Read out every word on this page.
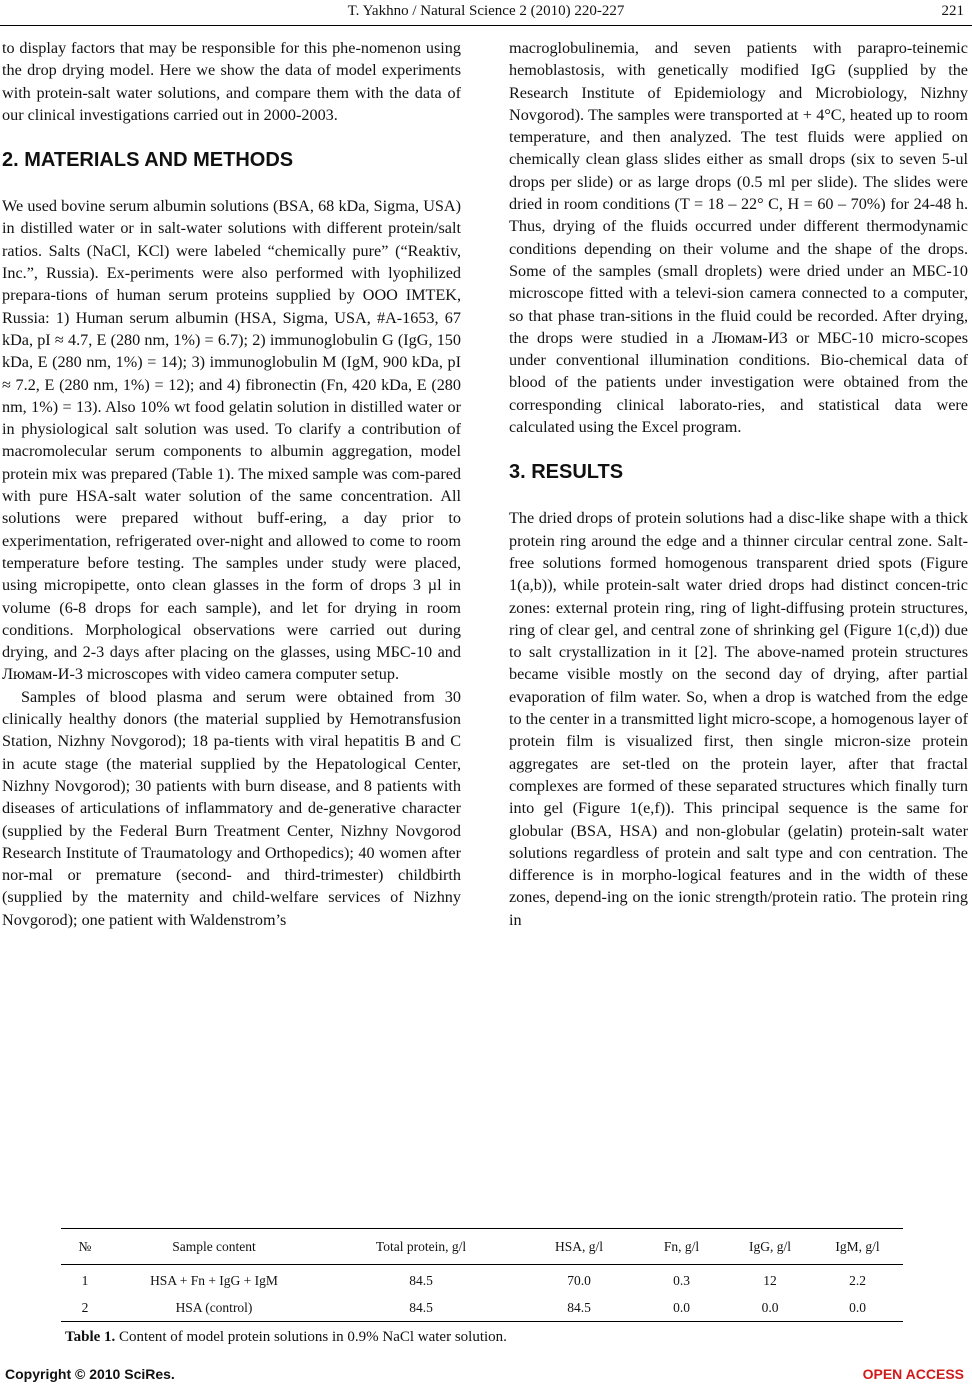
T. Yakhno / Natural Science 2 (2010) 220-227	221

to display factors that may be responsible for this phe-nomenon using the drop drying model. Here we show the data of model experiments with protein-salt water solutions, and compare them with the data of our clinical investigations carried out in 2000-2003.

2. MATERIALS AND METHODS

We used bovine serum albumin solutions (BSA, 68 kDa, Sigma, USA) in distilled water or in salt-water solutions with different protein/salt ratios. Salts (NaCl, KCl) were labeled “chemically pure” (“Reaktiv, Inc.”, Russia). Ex-periments were also performed with lyophilized prepara-tions of human serum proteins supplied by OOO IMTEK, Russia: 1) Human serum albumin (HSA, Sigma, USA, #A-1653, 67 kDa, pI ≈ 4.7, E (280 nm, 1%) = 6.7); 2) immunoglobulin G (IgG, 150 kDa, E (280 nm, 1%) = 14); 3) immunoglobulin M (IgM, 900 kDa, pI ≈ 7.2, E (280 nm, 1%) = 12); and 4) fibronectin (Fn, 420 kDa, E (280 nm, 1%) = 13). Also 10% wt food gelatin solution in distilled water or in physiological salt solution was used. To clarify a contribution of macromolecular serum components to albumin aggregation, model protein mix was prepared (Table 1). The mixed sample was com-pared with pure HSA-salt water solution of the same concentration. All solutions were prepared without buff-ering, a day prior to experimentation, refrigerated over-night and allowed to come to room temperature before testing. The samples under study were placed, using micropipette, onto clean glasses in the form of drops 3 µl in volume (6-8 drops for each sample), and let for drying in room conditions. Morphological observations were carried out during drying, and 2-3 days after placing on the glasses, using МБС-10 and Люмам-И-3 microscopes with video camera computer setup.

Samples of blood plasma and serum were obtained from 30 clinically healthy donors (the material supplied by Hemotransfusion Station, Nizhny Novgorod); 18 pa-tients with viral hepatitis B and C in acute stage (the material supplied by the Hepatological Center, Nizhny Novgorod); 30 patients with burn disease, and 8 patients with diseases of articulations of inflammatory and de-generative character (supplied by the Federal Burn Treatment Center, Nizhny Novgorod Research Institute of Traumatology and Orthopedics); 40 women after nor-mal or premature (second- and third-trimester) childbirth (supplied by the maternity and child-welfare services of Nizhny Novgorod); one patient with Waldenstrom’s

macroglobulinemia, and seven patients with parapro-teinemic hemoblastosis, with genetically modified IgG (supplied by the Research Institute of Epidemiology and Microbiology, Nizhny Novgorod). The samples were transported at + 4°C, heated up to room temperature, and then analyzed. The test fluids were applied on chemically clean glass slides either as small drops (six to seven 5-ul drops per slide) or as large drops (0.5 ml per slide). The slides were dried in room conditions (T = 18 – 22° C, H = 60 – 70%) for 24-48 h. Thus, drying of the fluids occurred under different thermodynamic conditions depending on their volume and the shape of the drops. Some of the samples (small droplets) were dried under an МБС-10 microscope fitted with a televi-sion camera connected to a computer, so that phase tran-sitions in the fluid could be recorded. After drying, the drops were studied in a Люмам-И3 or МБС-10 micro-scopes under conventional illumination conditions. Bio-chemical data of blood of the patients under investigation were obtained from the corresponding clinical laborato-ries, and statistical data were calculated using the Excel program.

3. RESULTS

The dried drops of protein solutions had a disc-like shape with a thick protein ring around the edge and a thinner circular central zone. Salt-free solutions formed homogenous transparent dried spots (Figure 1(a,b)), while protein-salt water dried drops had distinct concen-tric zones: external protein ring, ring of light-diffusing protein structures, ring of clear gel, and central zone of shrinking gel (Figure 1(c,d)) due to salt crystallization in it [2]. The above-named protein structures became visible mostly on the second day of drying, after partial evaporation of film water. So, when a drop is watched from the edge to the center in a transmitted light micro-scope, a homogenous layer of protein film is visualized first, then single micron-size protein aggregates are set-tled on the protein layer, after that fractal complexes are formed of these separated structures which finally turn into gel (Figure 1(e,f)). This principal sequence is the same for globular (BSA, HSA) and non-globular (gelatin) protein-salt water solutions regardless of protein and salt type and con centration. The difference is in morpho-logical features and in the width of these zones, depend-ing on the ionic strength/protein ratio. The protein ring in

Table 1. Content of model protein solutions in 0.9% NaCl water solution.
№	Sample content	Total protein, g/l	HSA, g/l	Fn, g/l	IgG, g/l	IgM, g/l
1	HSA + Fn + IgG + IgM	84.5	70.0	0.3	12	2.2
2	HSA (control)	84.5	84.5	0.0	0.0	0.0
Copyright © 2010 SciRes.	OPEN ACCESS
